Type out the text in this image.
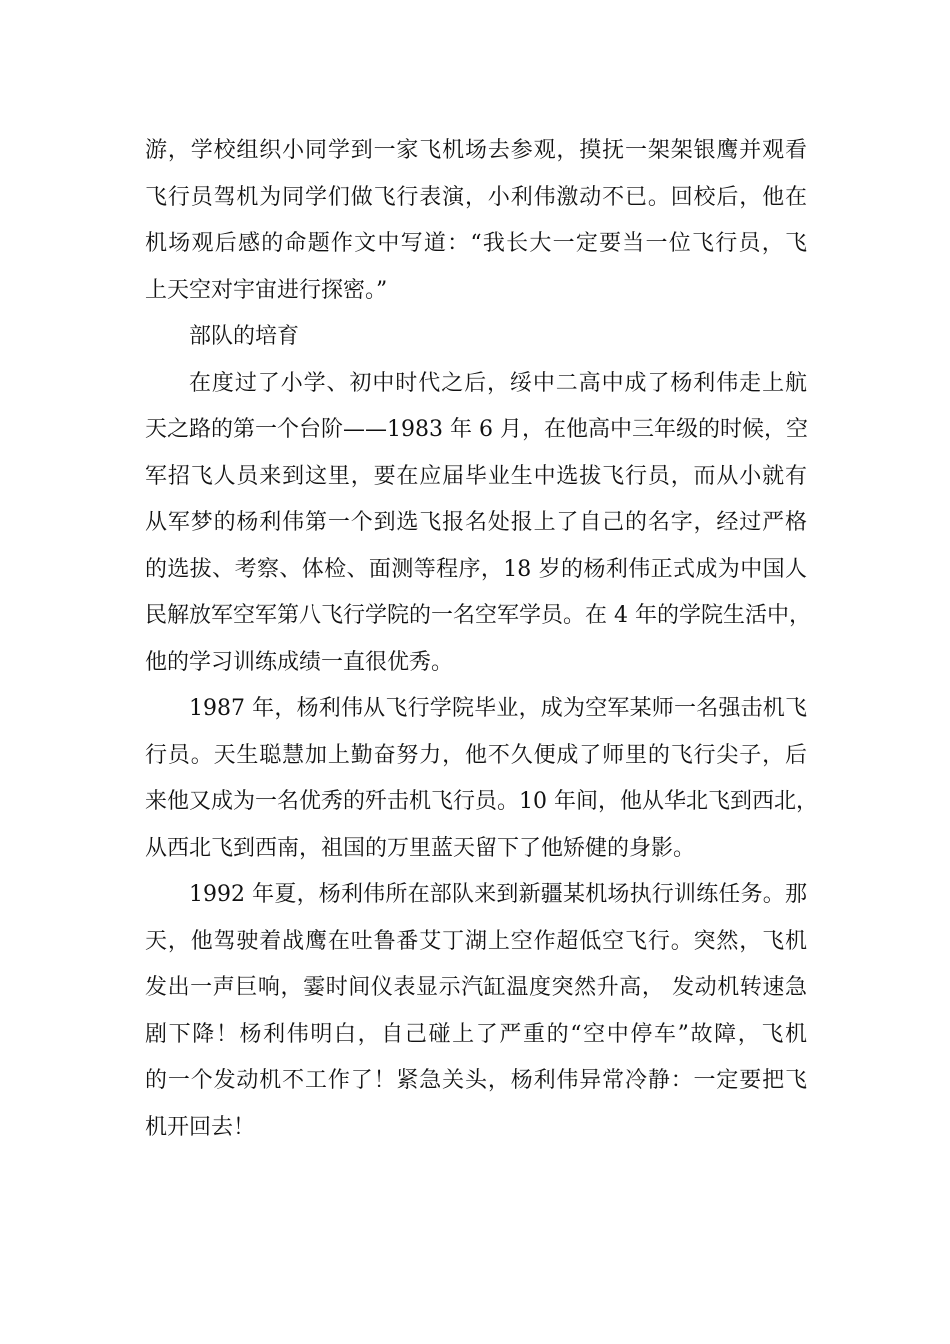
游，学校组织小同学到一家飞机场去参观，摸抚一架架银鹰并观看
飞行员驾机为同学们做飞行表演，小利伟激动不已。回校后，他在
机场观后感的命题作文中写道：“我长大一定要当一位飞行员，飞
上天空对宇宙进行探密。”
部队的培育
在度过了小学、初中时代之后，绥中二高中成了杨利伟走上航
天之路的第一个台阶——1983 年 6 月，在他高中三年级的时候，空
军招飞人员来到这里，要在应届毕业生中选拔飞行员，而从小就有
从军梦的杨利伟第一个到选飞报名处报上了自己的名字，经过严格
的选拔、考察、体检、面测等程序，18 岁的杨利伟正式成为中国人
民解放军空军第八飞行学院的一名空军学员。在 4 年的学院生活中，
他的学习训练成绩一直很优秀。
1987 年，杨利伟从飞行学院毕业，成为空军某师一名强击机飞
行员。天生聪慧加上勤奋努力，他不久便成了师里的飞行尖子，后
来他又成为一名优秀的歼击机飞行员。10 年间，他从华北飞到西北，
从西北飞到西南，祖国的万里蓝天留下了他矫健的身影。
1992 年夏，杨利伟所在部队来到新疆某机场执行训练任务。那
天，他驾驶着战鹰在吐鲁番艾丁湖上空作超低空飞行。突然，飞机
发出一声巨响，霎时间仪表显示汽缸温度突然升高， 发动机转速急
剧下降！杨利伟明白，自己碰上了严重的“空中停车”故障，飞机
的一个发动机不工作了！紧急关头，杨利伟异常冷静：一定要把飞
机开回去！
